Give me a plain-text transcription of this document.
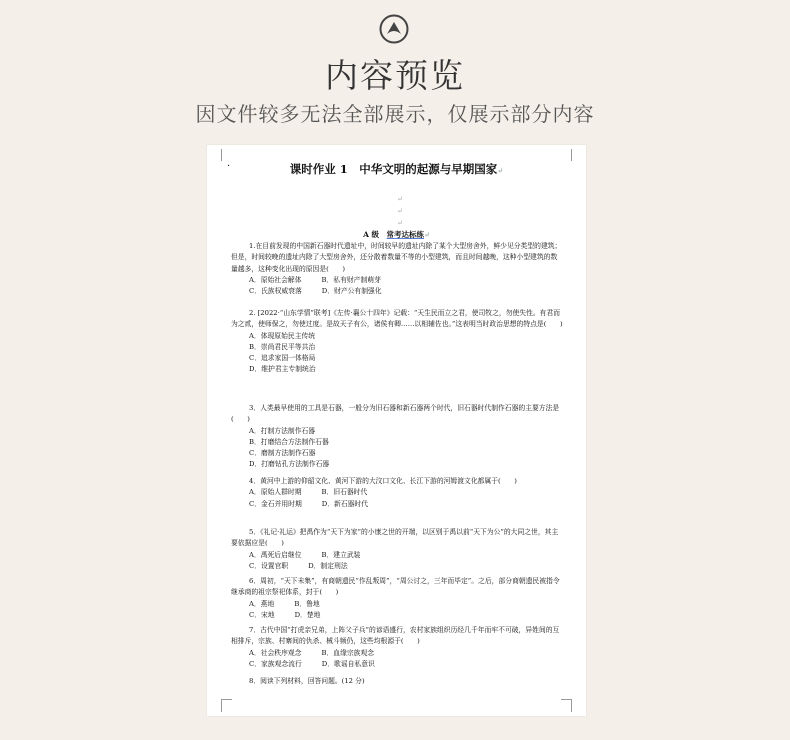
内容预览
因文件较多无法全部展示，仅展示部分内容
·	课时作业 1　中华文明的起源与早期国家↵
↵
↵
↵
A 级　 常考达标练↵

1.在目前发现的中国新石器时代遗址中，时间较早的遗址内除了某个大型房舍外，鲜少见分类型的建筑；但是，时间较晚的遗址内除了大型房舍外，还分散着数量不等的小型建筑，而且时间越晚，这种小型建筑的数量越多，这种变化出现的原因是(　　)

A．原始社会解体	B．私有财产制萌芽

C．氏族权威衰落	D．财产公有制强化

2. [2022·“山东学情”联考]《左传·襄公十四年》记载：“天生民而立之君，使司牧之，勿使失性。有君而为之贰，使师保之，勿使过度。是故天子有公，诸侯有卿……以相辅佐也。”这表明当时政治思想的特点是(　　)

A．体现原始民主传统

B．崇尚君民平等共治

C．追求家国一体格局

D．维护君主专制统治

3．人类最早使用的工具是石器，一般分为旧石器和新石器两个时代，旧石器时代制作石器的主要方法是(　　)

A．打制方法制作石器

B．打磨结合方法制作石器

C．磨制方法制作石器

D．打磨钻孔方法制作石器

4．黄河中上游的仰韶文化、黄河下游的大汶口文化、长江下游的河姆渡文化都属于(　　)

A．原始人群时期	B．旧石器时代

C．金石并用时期	D．新石器时代

5．《礼记·礼运》把禹作为“天下为家”的小康之世的开端，以区别于禹以前“天下为公”的大同之世，其主要依据应是(　　)

A．禹死后启继位	B．建立武装

C．设置官职	D．制定刑法

6．周初，“天下未集”，有商朝遗民“作乱叛周”，“周公讨之，三年而毕定”。之后，部分商朝遗民被指令继承商的祖宗祭祀体系，封于(　　)

A．燕地	B．鲁地

C．宋地	D．楚地

7．古代中国“打虎亲兄弟，上阵父子兵”的谚语盛行，农村家族组织历经几千年而牢不可破，异姓间的互相排斥，宗族、村寨间的仇杀、械斗频仍，这些均根源于(　　)

A．社会秩序观念	B．血缘宗族观念

C．家族观念流行	D．歌谣自私意识

8．阅读下列材料，回答问题。(12 分)
